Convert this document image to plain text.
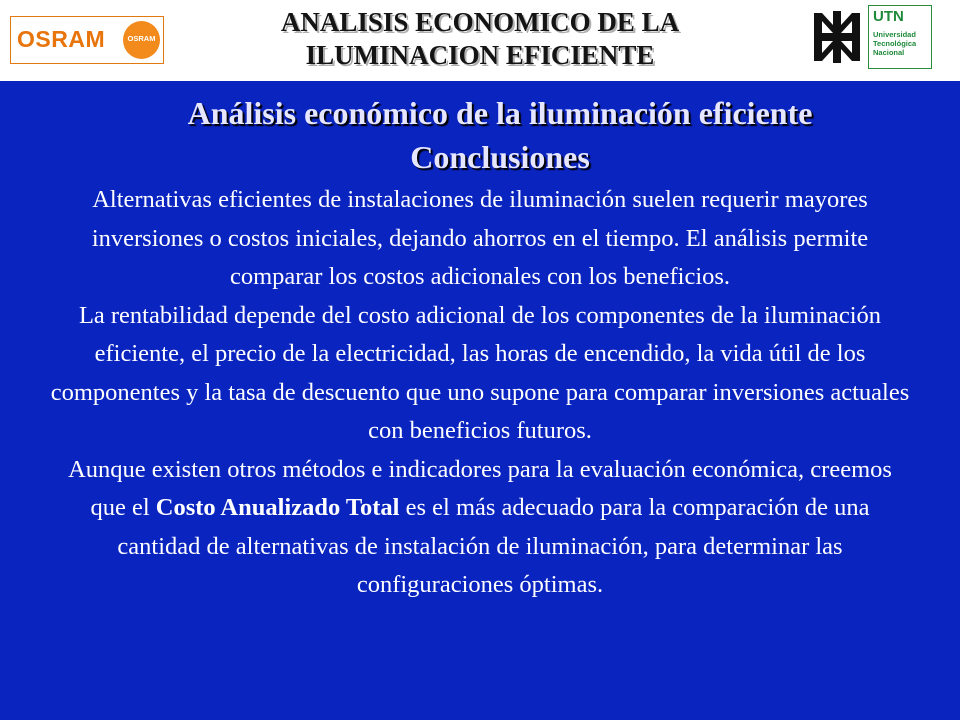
OSRAM	OSRAM
ANALISIS ECONOMICO DE LA
ILUMINACION EFICIENTE
UTN
Universidad
Tecnológica
Nacional
Análisis económico de la iluminación eficiente
Conclusiones

Alternativas eficientes de instalaciones de iluminación suelen requerir mayores inversiones o costos iniciales, dejando ahorros en el tiempo. El análisis permite comparar los costos adicionales con los beneficios.

La rentabilidad depende del costo adicional de los componentes de la iluminación eficiente, el precio de la electricidad, las horas de encendido, la vida útil de los componentes y la tasa de descuento que uno supone para comparar inversiones actuales con beneficios futuros.

Aunque existen otros métodos e indicadores para la evaluación económica, creemos que el Costo Anualizado Total es el más adecuado para la comparación de una cantidad de alternativas de instalación de iluminación, para determinar las configuraciones óptimas.
